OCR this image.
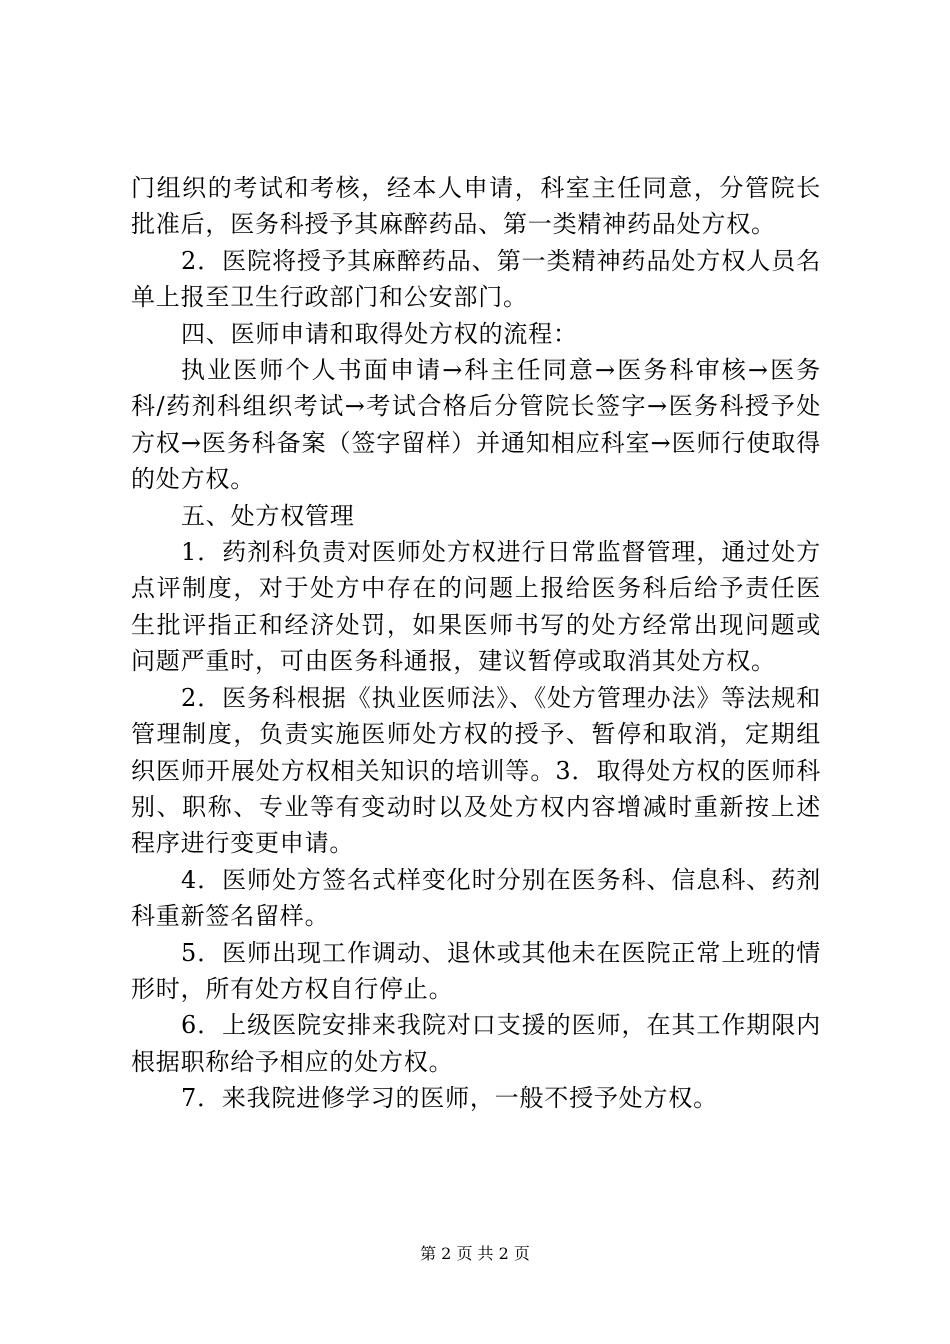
门组织的考试和考核，经本人申请，科室主任同意，分管院长批准后，医务科授予其麻醉药品、第一类精神药品处方权。

2．医院将授予其麻醉药品、第一类精神药品处方权人员名单上报至卫生行政部门和公安部门。

四、医师申请和取得处方权的流程：

执业医师个人书面申请→科主任同意→医务科审核→医务科/药剂科组织考试→考试合格后分管院长签字→医务科授予处方权→医务科备案（签字留样）并通知相应科室→医师行使取得的处方权。

五、处方权管理

1．药剂科负责对医师处方权进行日常监督管理，通过处方点评制度，对于处方中存在的问题上报给医务科后给予责任医生批评指正和经济处罚，如果医师书写的处方经常出现问题或问题严重时，可由医务科通报，建议暂停或取消其处方权。

2．医务科根据《执业医师法》、《处方管理办法》等法规和管理制度，负责实施医师处方权的授予、暂停和取消，定期组织医师开展处方权相关知识的培训等。3．取得处方权的医师科别、职称、专业等有变动时以及处方权内容增减时重新按上述程序进行变更申请。

4．医师处方签名式样变化时分别在医务科、信息科、药剂科重新签名留样。

5．医师出现工作调动、退休或其他未在医院正常上班的情形时，所有处方权自行停止。

6．上级医院安排来我院对口支援的医师，在其工作期限内根据职称给予相应的处方权。

7．来我院进修学习的医师，一般不授予处方权。

第 2 页 共 2 页
